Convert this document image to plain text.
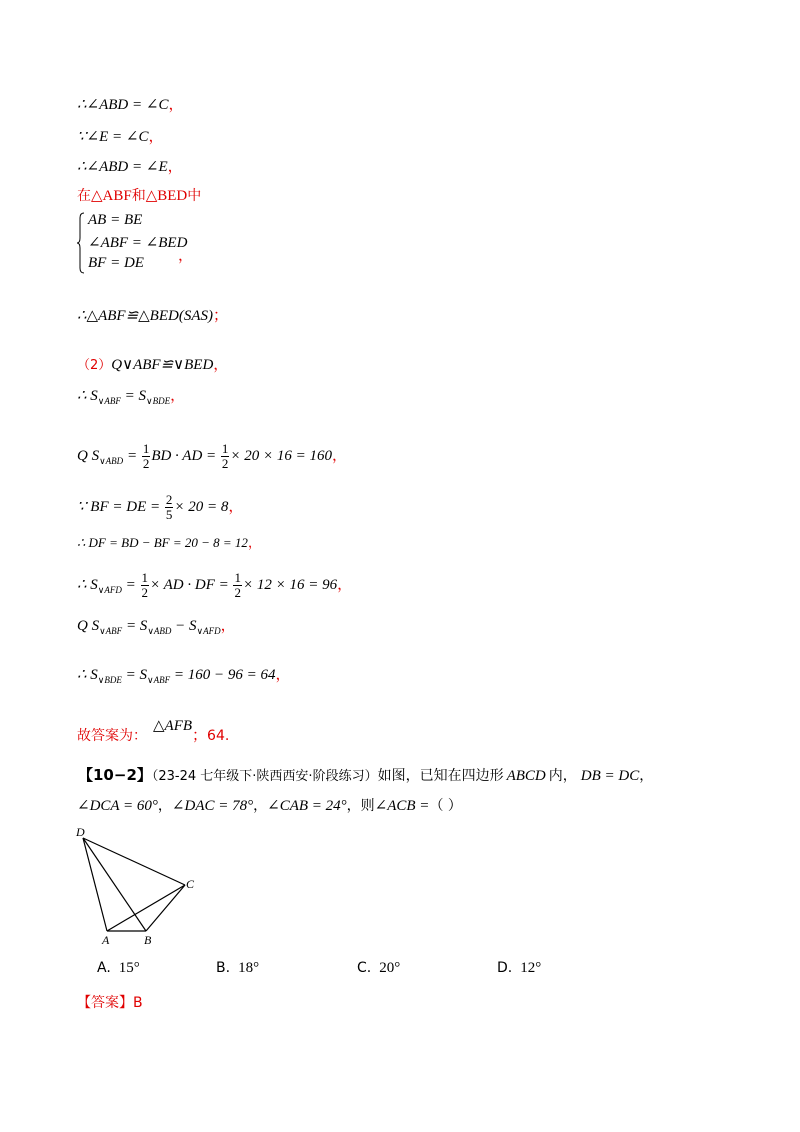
∴∠ABD = ∠C，
∵∠E = ∠C，
∴∠ABD = ∠E，
在△ABF和△BED中
AB = BE
∠ABF = ∠BED
BF = DE ，
∴△ABF≌△BED(SAS)；
（2）Q∨ABF≌∨BED，
∴ $S_{\vee ABF} = S_{\vee BDE}$，
Q $S_{\vee ABD} = \frac{1}{2}$ BD · AD = $\frac{1}{2} \times 20 \times 16 = 160$，
∵ BF = DE = $\frac{2}{5} \times 20 = 8$，
∴ DF = BD − BF = 20 − 8 = 12，
∴ $S_{\vee AFD} = \frac{1}{2}$ × AD · DF = $\frac{1}{2} \times 12 \times 16 = 96$，
Q $S_{\vee ABF} = S_{\vee ABD} - S_{\vee AFD}$，
∴ $S_{\vee BDE} = S_{\vee ABF} = 160 - 96 = 64$，
故答案为：△AFB；64.
【10−2】（23-24 七年级下·陕西西安·阶段练习）如图，已知在四边形 ABCD 内， DB = DC，
∠DCA = 60°，∠DAC = 78°，∠CAB = 24°，则∠ACB =（ ）
D
C
A	B
A. 15°	B. 18°	C. 20°	D. 12°
【答案】B
